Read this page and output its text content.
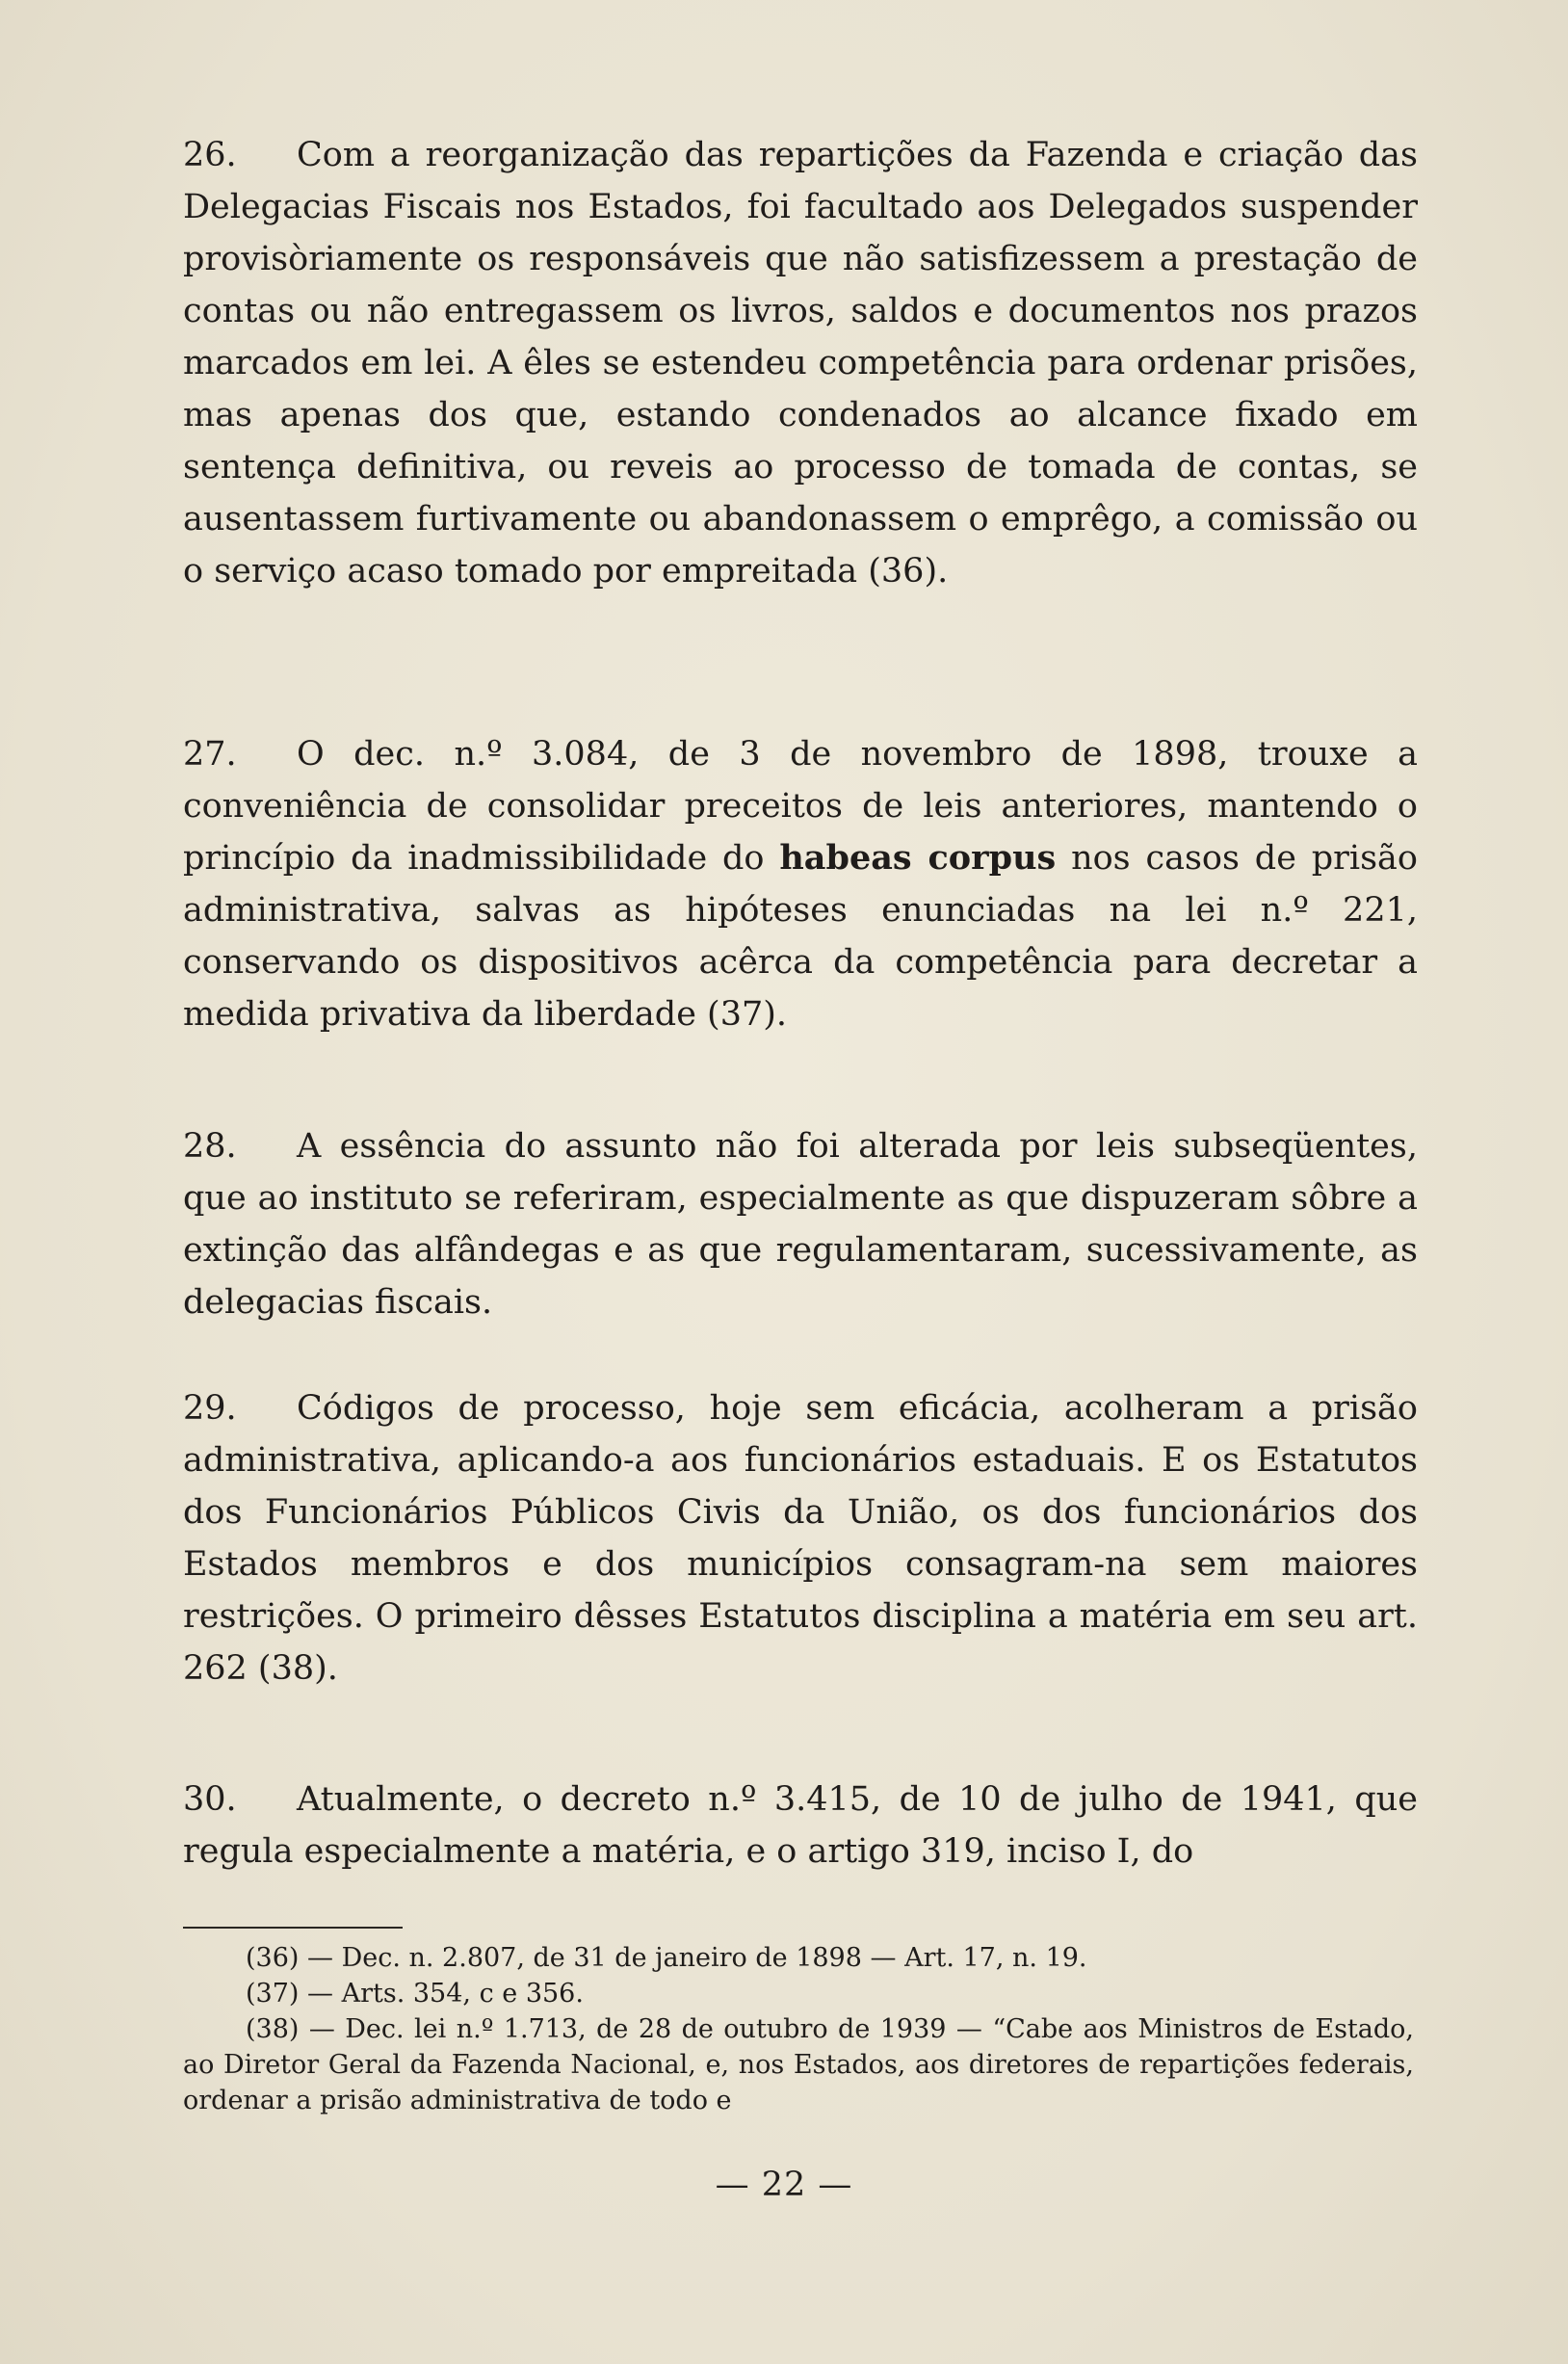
26. Com a reorganização das repartições da Fazenda e criação das Delegacias Fiscais nos Estados, foi facultado aos Delegados suspender provisòriamente os responsáveis que não satisfizessem a prestação de contas ou não entregassem os livros, saldos e documentos nos prazos marcados em lei. A êles se estendeu competência para ordenar prisões, mas apenas dos que, estando condenados ao alcance fixado em sentença definitiva, ou reveis ao processo de tomada de contas, se ausentassem furtivamente ou abandonassem o emprêgo, a comissão ou o serviço acaso tomado por empreitada (36).

27. O dec. n.º 3.084, de 3 de novembro de 1898, trouxe a conveniência de consolidar preceitos de leis anteriores, mantendo o princípio da inadmissibilidade do habeas corpus nos casos de prisão administrativa, salvas as hipóteses enunciadas na lei n.º 221, conservando os dispositivos acêrca da competência para decretar a medida privativa da liberdade (37).

28. A essência do assunto não foi alterada por leis subseqüentes, que ao instituto se referiram, especialmente as que dispuzeram sôbre a extinção das alfândegas e as que regulamentaram, sucessivamente, as delegacias fiscais.

29. Códigos de processo, hoje sem eficácia, acolheram a prisão administrativa, aplicando-a aos funcionários estaduais. E os Estatutos dos Funcionários Públicos Civis da União, os dos funcionários dos Estados membros e dos municípios consagram-na sem maiores restrições. O primeiro dêsses Estatutos disciplina a matéria em seu art. 262 (38).

30. Atualmente, o decreto n.º 3.415, de 10 de julho de 1941, que regula especialmente a matéria, e o artigo 319, inciso I, do

(36) — Dec. n. 2.807, de 31 de janeiro de 1898 — Art. 17, n. 19.

(37) — Arts. 354, c e 356.

(38) — Dec. lei n.º 1.713, de 28 de outubro de 1939 — “Cabe aos Ministros de Estado, ao Diretor Geral da Fazenda Nacional, e, nos Estados, aos diretores de repartições federais, ordenar a prisão administrativa de todo e

— 22 —
